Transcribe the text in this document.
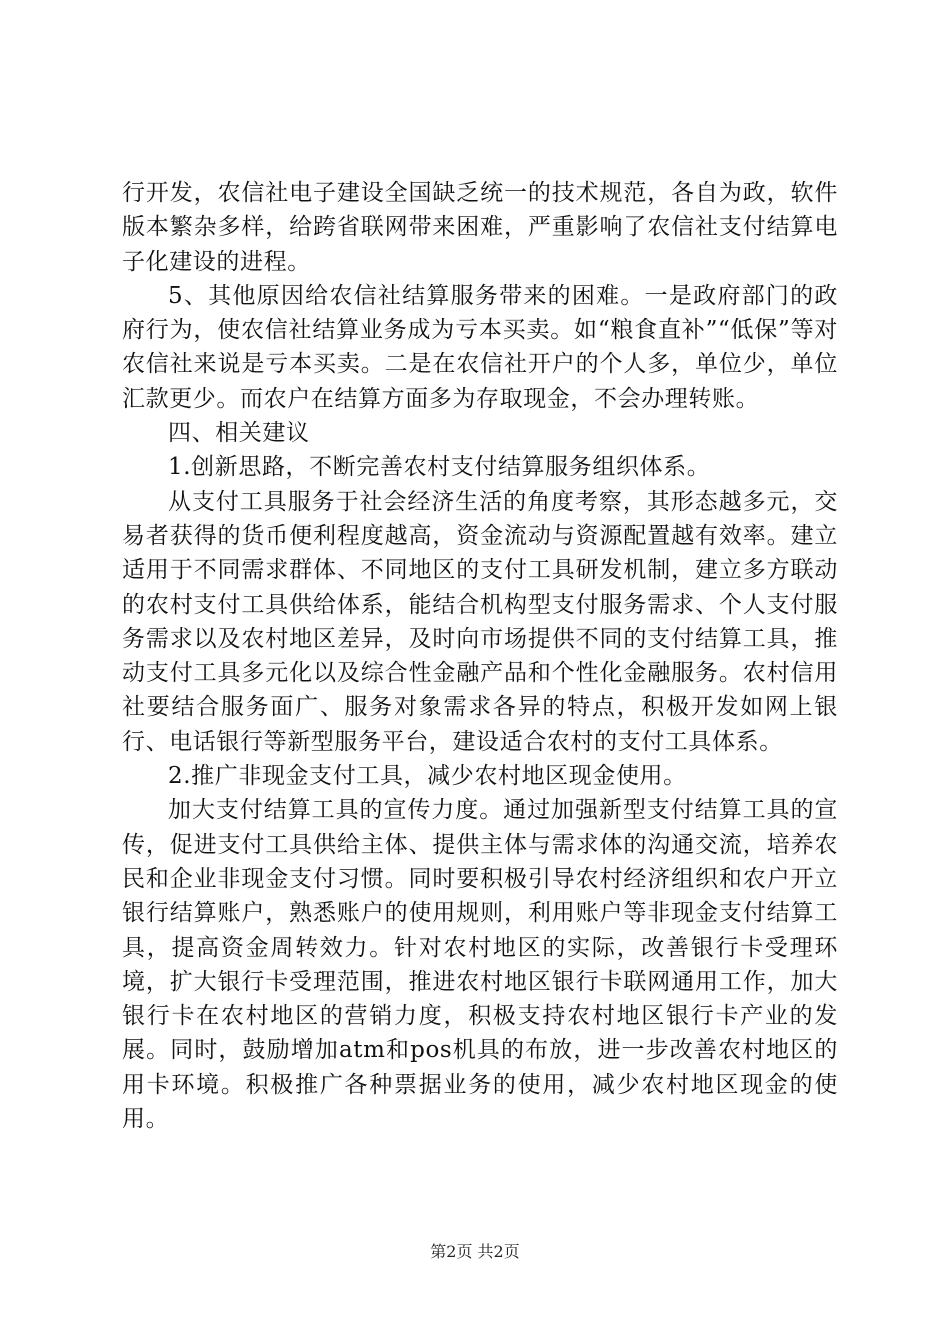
行开发，农信社电子建设全国缺乏统一的技术规范，各自为政，软件版本繁杂多样，给跨省联网带来困难，严重影响了农信社支付结算电子化建设的进程。

5、其他原因给农信社结算服务带来的困难。一是政府部门的政府行为，使农信社结算业务成为亏本买卖。如“粮食直补”“低保”等对农信社来说是亏本买卖。二是在农信社开户的个人多，单位少，单位汇款更少。而农户在结算方面多为存取现金，不会办理转账。

四、相关建议

1.创新思路，不断完善农村支付结算服务组织体系。

从支付工具服务于社会经济生活的角度考察，其形态越多元，交易者获得的货币便利程度越高，资金流动与资源配置越有效率。建立适用于不同需求群体、不同地区的支付工具研发机制，建立多方联动的农村支付工具供给体系，能结合机构型支付服务需求、个人支付服务需求以及农村地区差异，及时向市场提供不同的支付结算工具，推动支付工具多元化以及综合性金融产品和个性化金融服务。农村信用社要结合服务面广、服务对象需求各异的特点，积极开发如网上银行、电话银行等新型服务平台，建设适合农村的支付工具体系。

2.推广非现金支付工具，减少农村地区现金使用。

加大支付结算工具的宣传力度。通过加强新型支付结算工具的宣传，促进支付工具供给主体、提供主体与需求体的沟通交流，培养农民和企业非现金支付习惯。同时要积极引导农村经济组织和农户开立银行结算账户，熟悉账户的使用规则，利用账户等非现金支付结算工具，提高资金周转效力。针对农村地区的实际，改善银行卡受理环境，扩大银行卡受理范围，推进农村地区银行卡联网通用工作，加大银行卡在农村地区的营销力度，积极支持农村地区银行卡产业的发展。同时，鼓励增加atm和pos机具的布放，进一步改善农村地区的用卡环境。积极推广各种票据业务的使用，减少农村地区现金的使用。

第2页 共2页
